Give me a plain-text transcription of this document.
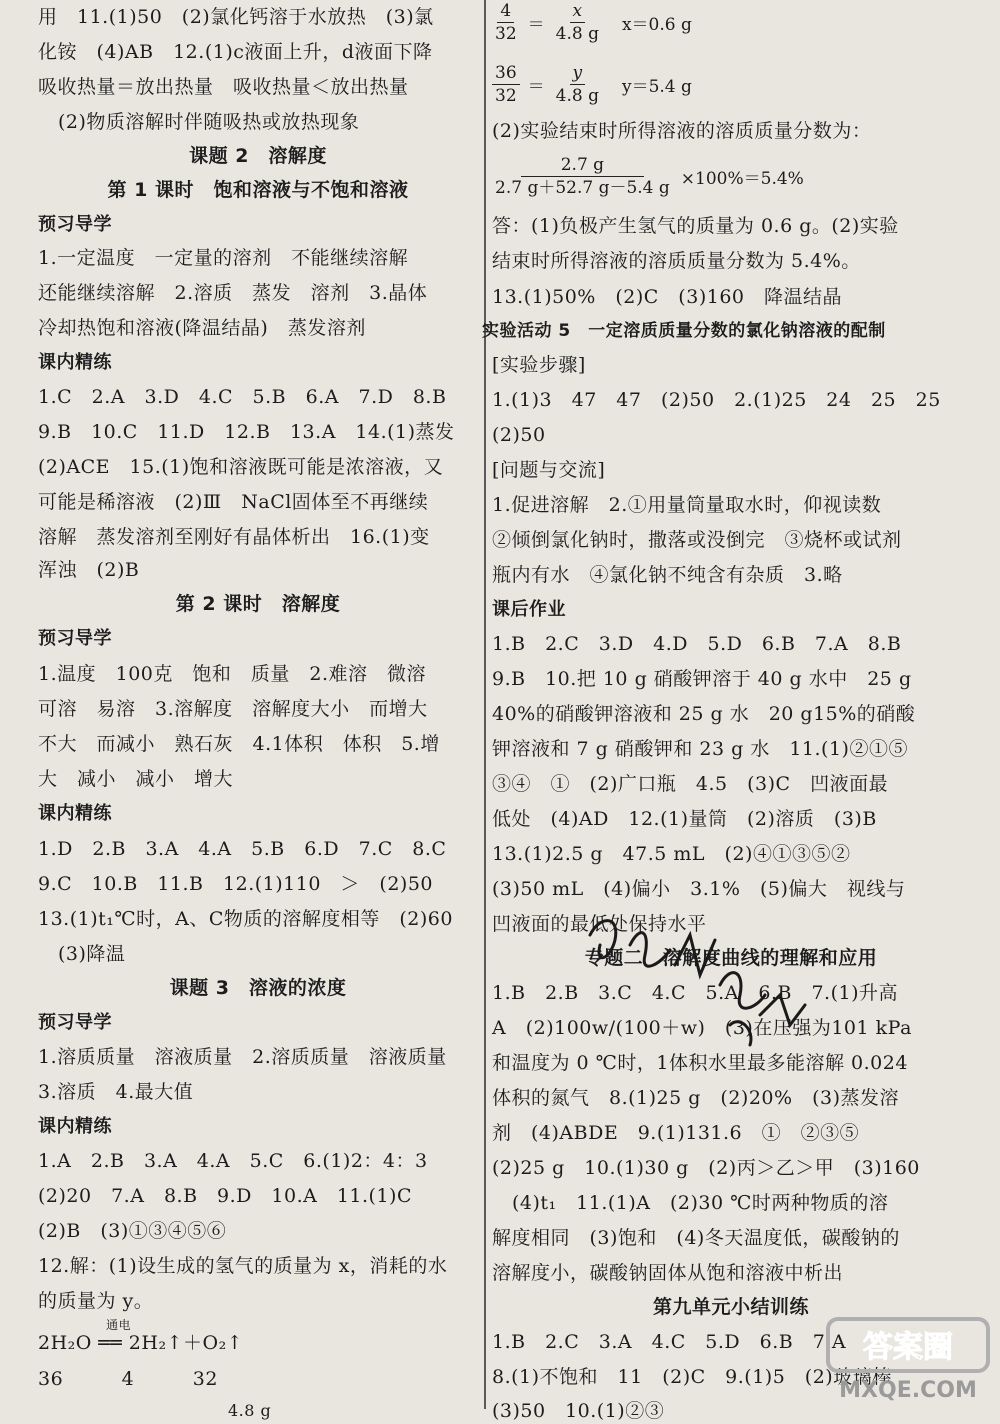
用　11.(1)50　(2)氯化钙溶于水放热　(3)氯
化铵　(4)AB　12.(1)c液面上升，d液面下降
吸收热量＝放出热量　吸收热量＜放出热量
(2)物质溶解时伴随吸热或放热现象
课题 2　溶解度
第 1 课时　饱和溶液与不饱和溶液
预习导学
1.一定温度　一定量的溶剂　不能继续溶解
还能继续溶解　2.溶质　蒸发　溶剂　3.晶体
冷却热饱和溶液(降温结晶)　蒸发溶剂
课内精练
1.C　2.A　3.D　4.C　5.B　6.A　7.D　8.B
9.B　10.C　11.D　12.B　13.A　14.(1)蒸发
(2)ACE　15.(1)饱和溶液既可能是浓溶液，又
可能是稀溶液　(2)Ⅲ　NaCl固体至不再继续
溶解　蒸发溶剂至刚好有晶体析出　16.(1)变
浑浊　(2)B
第 2 课时　溶解度
预习导学
1.温度　100克　饱和　质量　2.难溶　微溶
可溶　易溶　3.溶解度　溶解度大小　而增大
不大　而减小　熟石灰　4.1体积　体积　5.增
大　减小　减小　增大
课内精练
1.D　2.B　3.A　4.A　5.B　6.D　7.C　8.C
9.C　10.B　11.B　12.(1)110　＞　(2)50
13.(1)t₁℃时，A、C物质的溶解度相等　(2)60
(3)降温
课题 3　溶液的浓度
预习导学
1.溶质质量　溶液质量　2.溶质质量　溶液质量
3.溶质　4.最大值
课内精练
1.A　2.B　3.A　4.A　5.C　6.(1)2：4：3
(2)20　7.A　8.B　9.D　10.A　11.(1)C
(2)B　(3)①③④⑤⑥
12.解：(1)设生成的氢气的质量为 x，消耗的水
的质量为 y。
2H₂O ══ 2H₂↑＋O₂↑
通电
36　　　4　　　32
4.8 g
$\frac{4}{32} = \frac{x}{4.8 g} x=0.6$ g
$\frac{36}{32} = \frac{y}{4.8 g} y=5.4$ g
(2)实验结束时所得溶液的溶质质量分数为：
$\frac{2.7 g}{2.7 g+52.7 g-5.4 g} \times 100\%=5.4\%$
答：(1)负极产生氢气的质量为 0.6 g。(2)实验
结束时所得溶液的溶质质量分数为 5.4%。
13.(1)50%　(2)C　(3)160　降温结晶
实验活动 5　一定溶质质量分数的氯化钠溶液的配制
[实验步骤]
1.(1)3　47　47　(2)50　2.(1)25　24　25　25
(2)50
[问题与交流]
1.促进溶解　2.①用量筒量取水时，仰视读数
②倾倒氯化钠时，撒落或没倒完　③烧杯或试剂
瓶内有水　④氯化钠不纯含有杂质　3.略
课后作业
1.B　2.C　3.D　4.D　5.D　6.B　7.A　8.B
9.B　10.把 10 g 硝酸钾溶于 40 g 水中　25 g
40%的硝酸钾溶液和 25 g 水　20 g15%的硝酸
钾溶液和 7 g 硝酸钾和 23 g 水　11.(1)②①⑤
③④　①　(2)广口瓶　4.5　(3)C　凹液面最
低处　(4)AD　12.(1)量筒　(2)溶质　(3)B
13.(1)2.5 g　47.5 mL　(2)④①③⑤②
(3)50 mL　(4)偏小　3.1%　(5)偏大　视线与
凹液面的最低处保持水平
专题二　溶解度曲线的理解和应用
1.B　2.B　3.C　4.C　5.A　6.B　7.(1)升高
A　(2)100w/(100＋w)　(3)在压强为101 kPa
和温度为 0 ℃时，1体积水里最多能溶解 0.024
体积的氮气　8.(1)25 g　(2)20%　(3)蒸发溶
剂　(4)ABDE　9.(1)131.6　①　②③⑤
(2)25 g　10.(1)30 g　(2)丙＞乙＞甲　(3)160
(4)t₁　11.(1)A　(2)30 ℃时两种物质的溶
解度相同　(3)饱和　(4)冬天温度低，碳酸钠的
溶解度小，碳酸钠固体从饱和溶液中析出
第九单元小结训练
1.B　2.C　3.A　4.C　5.D　6.B　7.A
8.(1)不饱和　11　(2)C　9.(1)5　(2)玻璃棒
(3)50　10.(1)②③
答案圈
MXQE.COM
